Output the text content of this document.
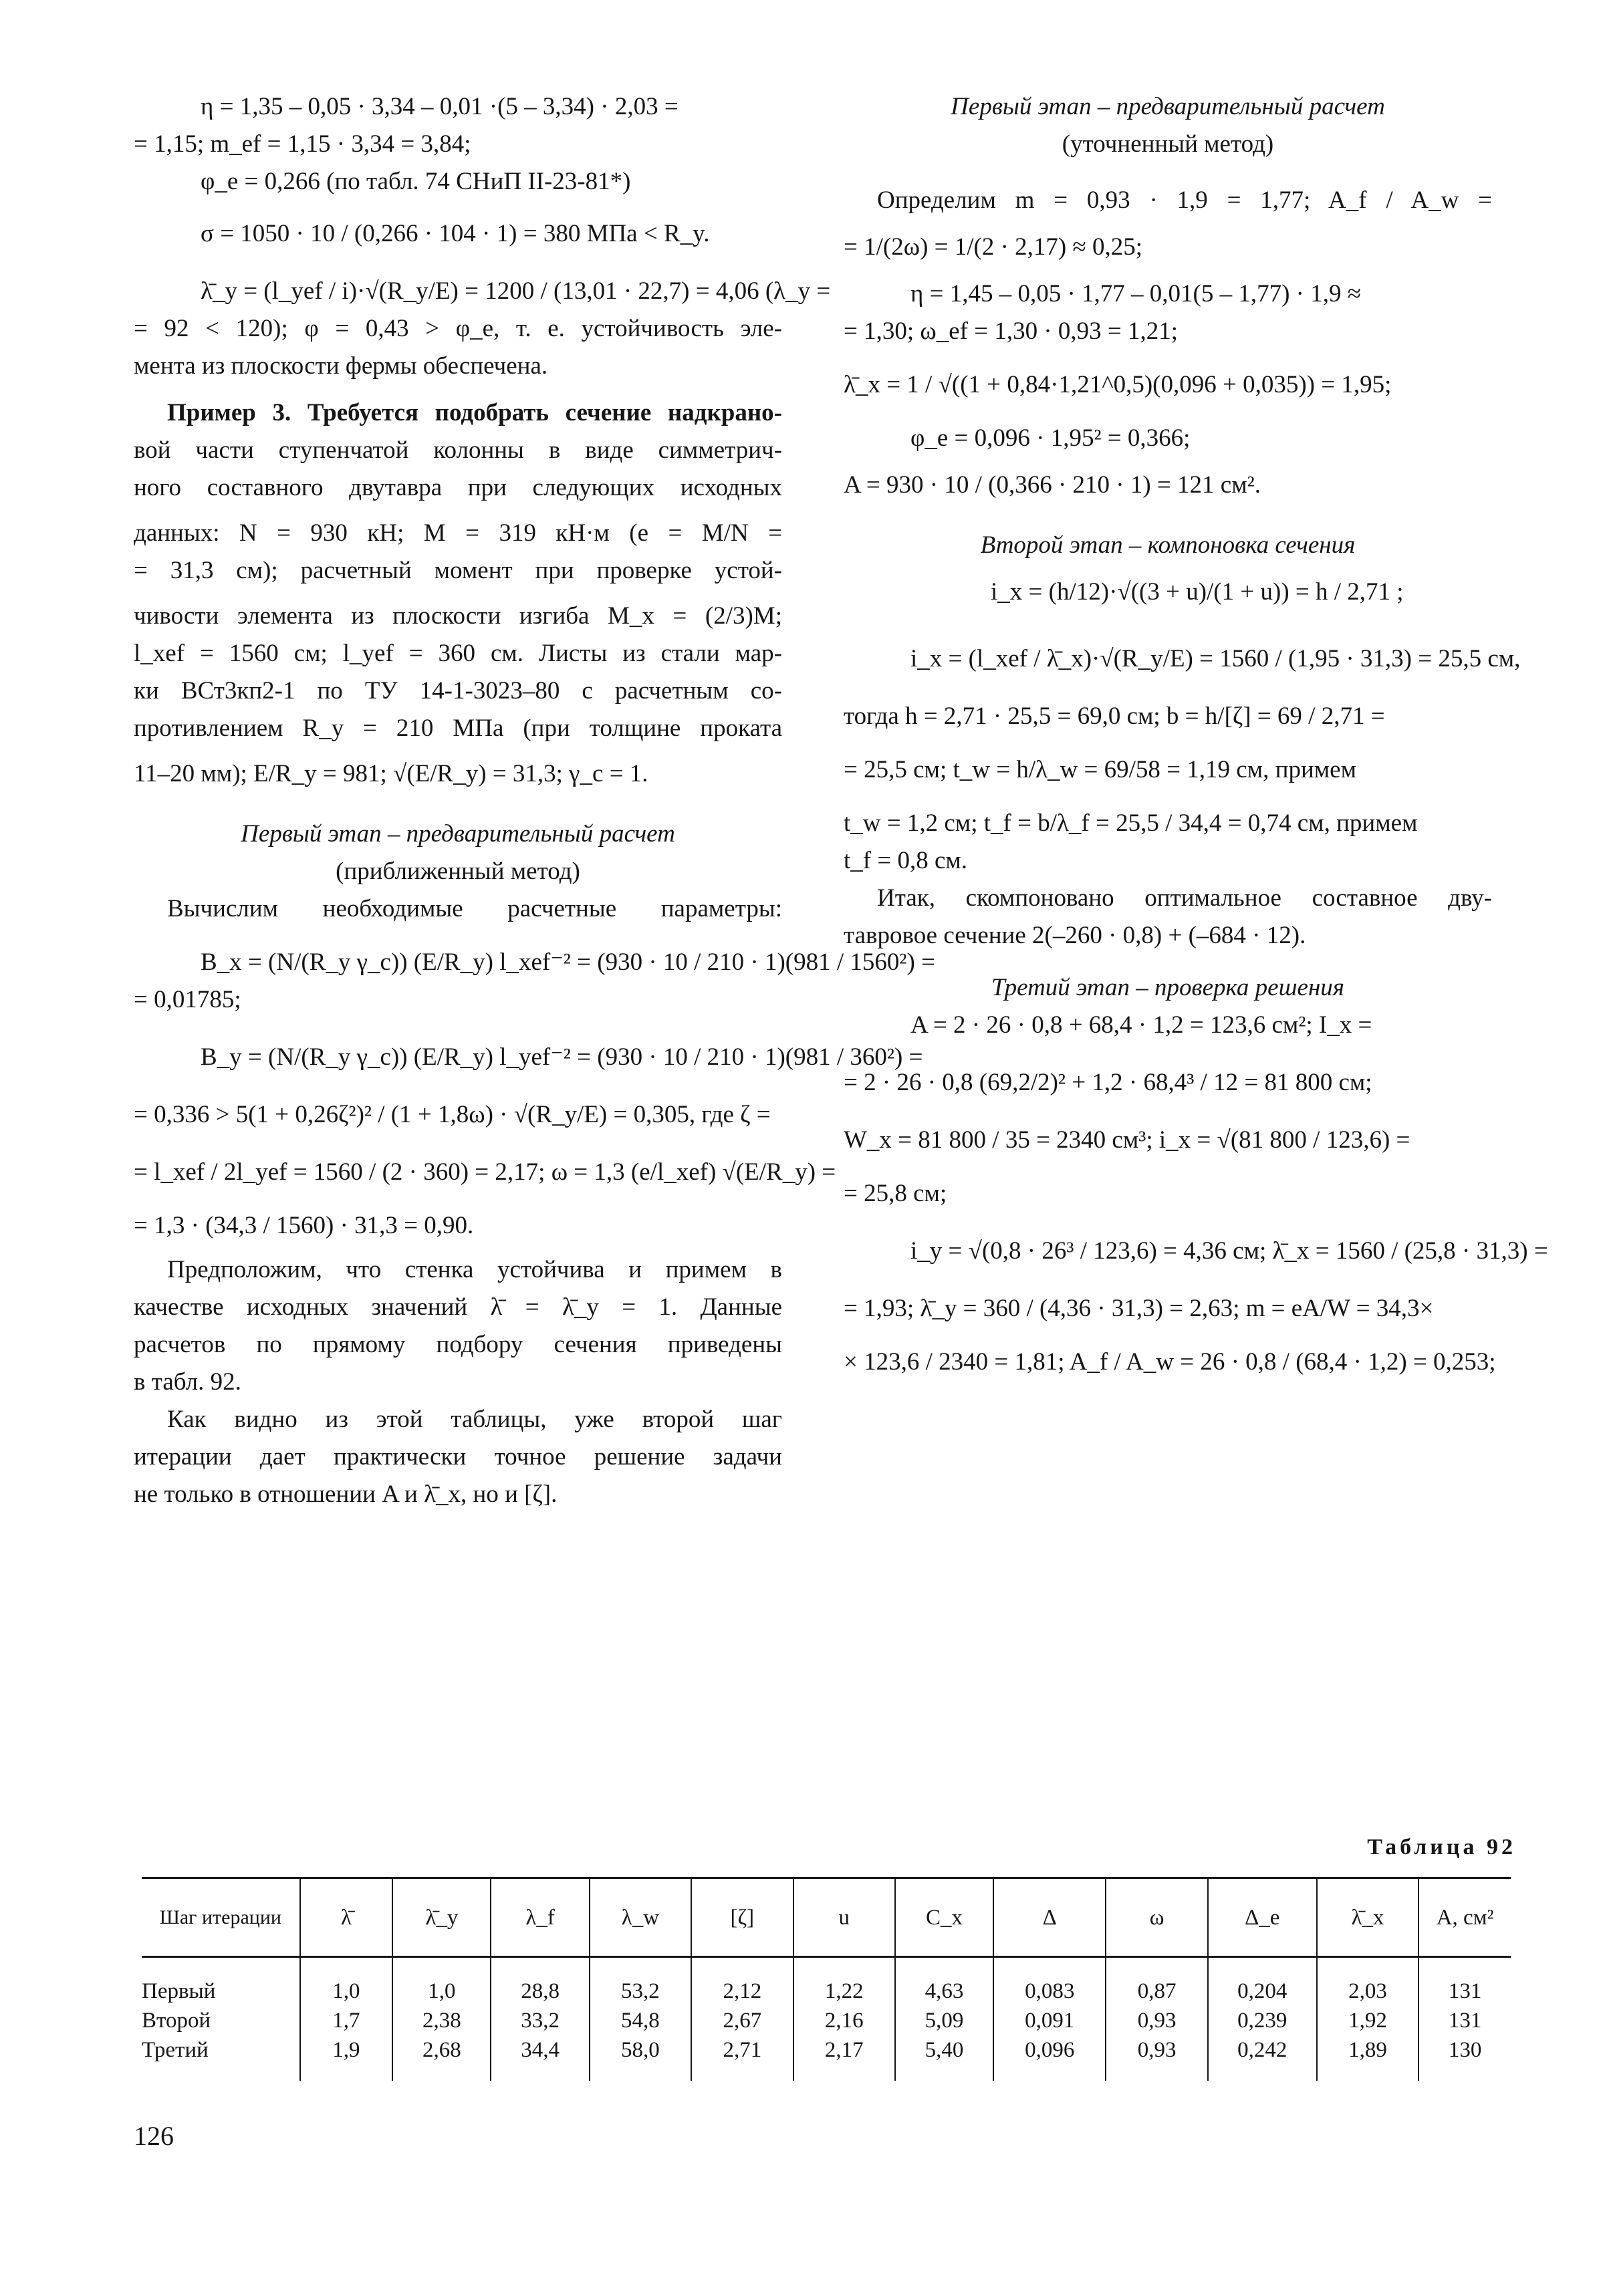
η = 1,35 – 0,05 · 3,34 – 0,01 ·(5 – 3,34) · 2,03 =
= 1,15; m_ef = 1,15 · 3,34 = 3,84;
φ_e = 0,266 (по табл. 74 СНиП II-23-81*)
σ = 1050 · 10 / (0,266 · 104 · 1) = 380 МПа < R_y.
λ̄_y = (l_yef / i)·√(R_y/E) = 1200 / (13,01 · 22,7) = 4,06 (λ_y =
= 92 < 120); φ = 0,43 > φ_e, т. е. устойчивость эле-
мента из плоскости фермы обеспечена.
Пример 3. Требуется подобрать сечение надкрано-
вой части ступенчатой колонны в виде симметрич-
ного составного двутавра при следующих исходных
данных: N = 930 кН; M = 319 кН·м (e = M/N =
= 31,3 см); расчетный момент при проверке устой-
чивости элемента из плоскости изгиба M_x = (2/3)M;
l_xef = 1560 см; l_yef = 360 см. Листы из стали мар-
ки ВСт3кп2-1 по ТУ 14-1-3023–80 с расчетным со-
противлением R_y = 210 МПа (при толщине проката
11–20 мм); E/R_y = 981; √(E/R_y) = 31,3; γ_c = 1.
Первый этап – предварительный расчет
(приближенный метод)
Вычислим необходимые расчетные параметры:
B_x = (N/(R_y γ_c)) (E/R_y) l_xef⁻² = (930 · 10 / 210 · 1)(981 / 1560²) =
= 0,01785;
B_y = (N/(R_y γ_c)) (E/R_y) l_yef⁻² = (930 · 10 / 210 · 1)(981 / 360²) =
= 0,336 > 5(1 + 0,26ζ²)² / (1 + 1,8ω) · √(R_y/E) = 0,305, где ζ =
= l_xef / 2l_yef = 1560 / (2 · 360) = 2,17; ω = 1,3 (e/l_xef) √(E/R_y) =
= 1,3 · (34,3 / 1560) · 31,3 = 0,90.
Предположим, что стенка устойчива и примем в
качестве исходных значений λ̄ = λ̄_y = 1. Данные
расчетов по прямому подбору сечения приведены
в табл. 92.
Как видно из этой таблицы, уже второй шаг
итерации дает практически точное решение задачи
не только в отношении A и λ̄_x, но и [ζ].
Первый этап – предварительный расчет
(уточненный метод)
Определим m = 0,93 · 1,9 = 1,77; A_f / A_w =
= 1/(2ω) = 1/(2 · 2,17) ≈ 0,25;
η = 1,45 – 0,05 · 1,77 – 0,01(5 – 1,77) · 1,9 ≈
= 1,30; ω_ef = 1,30 · 0,93 = 1,21;
λ̄_x = 1 / √((1 + 0,84·1,21^0,5)(0,096 + 0,035)) = 1,95;
φ_e = 0,096 · 1,95² = 0,366;
A = 930 · 10 / (0,366 · 210 · 1) = 121 см².
Второй этап – компоновка сечения
i_x = (h/12)·√((3 + u)/(1 + u)) = h / 2,71 ;
i_x = (l_xef / λ̄_x)·√(R_y/E) = 1560 / (1,95 · 31,3) = 25,5 см,
тогда h = 2,71 · 25,5 = 69,0 см; b = h/[ζ] = 69 / 2,71 =
= 25,5 см; t_w = h/λ_w = 69/58 = 1,19 см, примем
t_w = 1,2 см; t_f = b/λ_f = 25,5 / 34,4 = 0,74 см, примем
t_f = 0,8 см.
Итак, скомпоновано оптимальное составное дву-
тавровое сечение 2(–260 · 0,8) + (–684 · 12).
Третий этап – проверка решения
A = 2 · 26 · 0,8 + 68,4 · 1,2 = 123,6 см²; I_x =
= 2 · 26 · 0,8 (69,2/2)² + 1,2 · 68,4³ / 12 = 81 800 см;
W_x = 81 800 / 35 = 2340 см³; i_x = √(81 800 / 123,6) =
= 25,8 см;
i_y = √(0,8 · 26³ / 123,6) = 4,36 см; λ̄_x = 1560 / (25,8 · 31,3) =
= 1,93; λ̄_y = 360 / (4,36 · 31,3) = 2,63; m = eA/W = 34,3×
× 123,6 / 2340 = 1,81; A_f / A_w = 26 · 0,8 / (68,4 · 1,2) = 0,253;
Таблица 92
Шаг итерации	λ̄	λ̄_y	λ_f	λ_w	[ζ]	u	C_x	Δ	ω	Δ_e	λ̄_x	A, см²
Первый	1,0	1,0	28,8	53,2	2,12	1,22	4,63	0,083	0,87	0,204	2,03	131
Второй	1,7	2,38	33,2	54,8	2,67	2,16	5,09	0,091	0,93	0,239	1,92	131
Третий	1,9	2,68	34,4	58,0	2,71	2,17	5,40	0,096	0,93	0,242	1,89	130
126
